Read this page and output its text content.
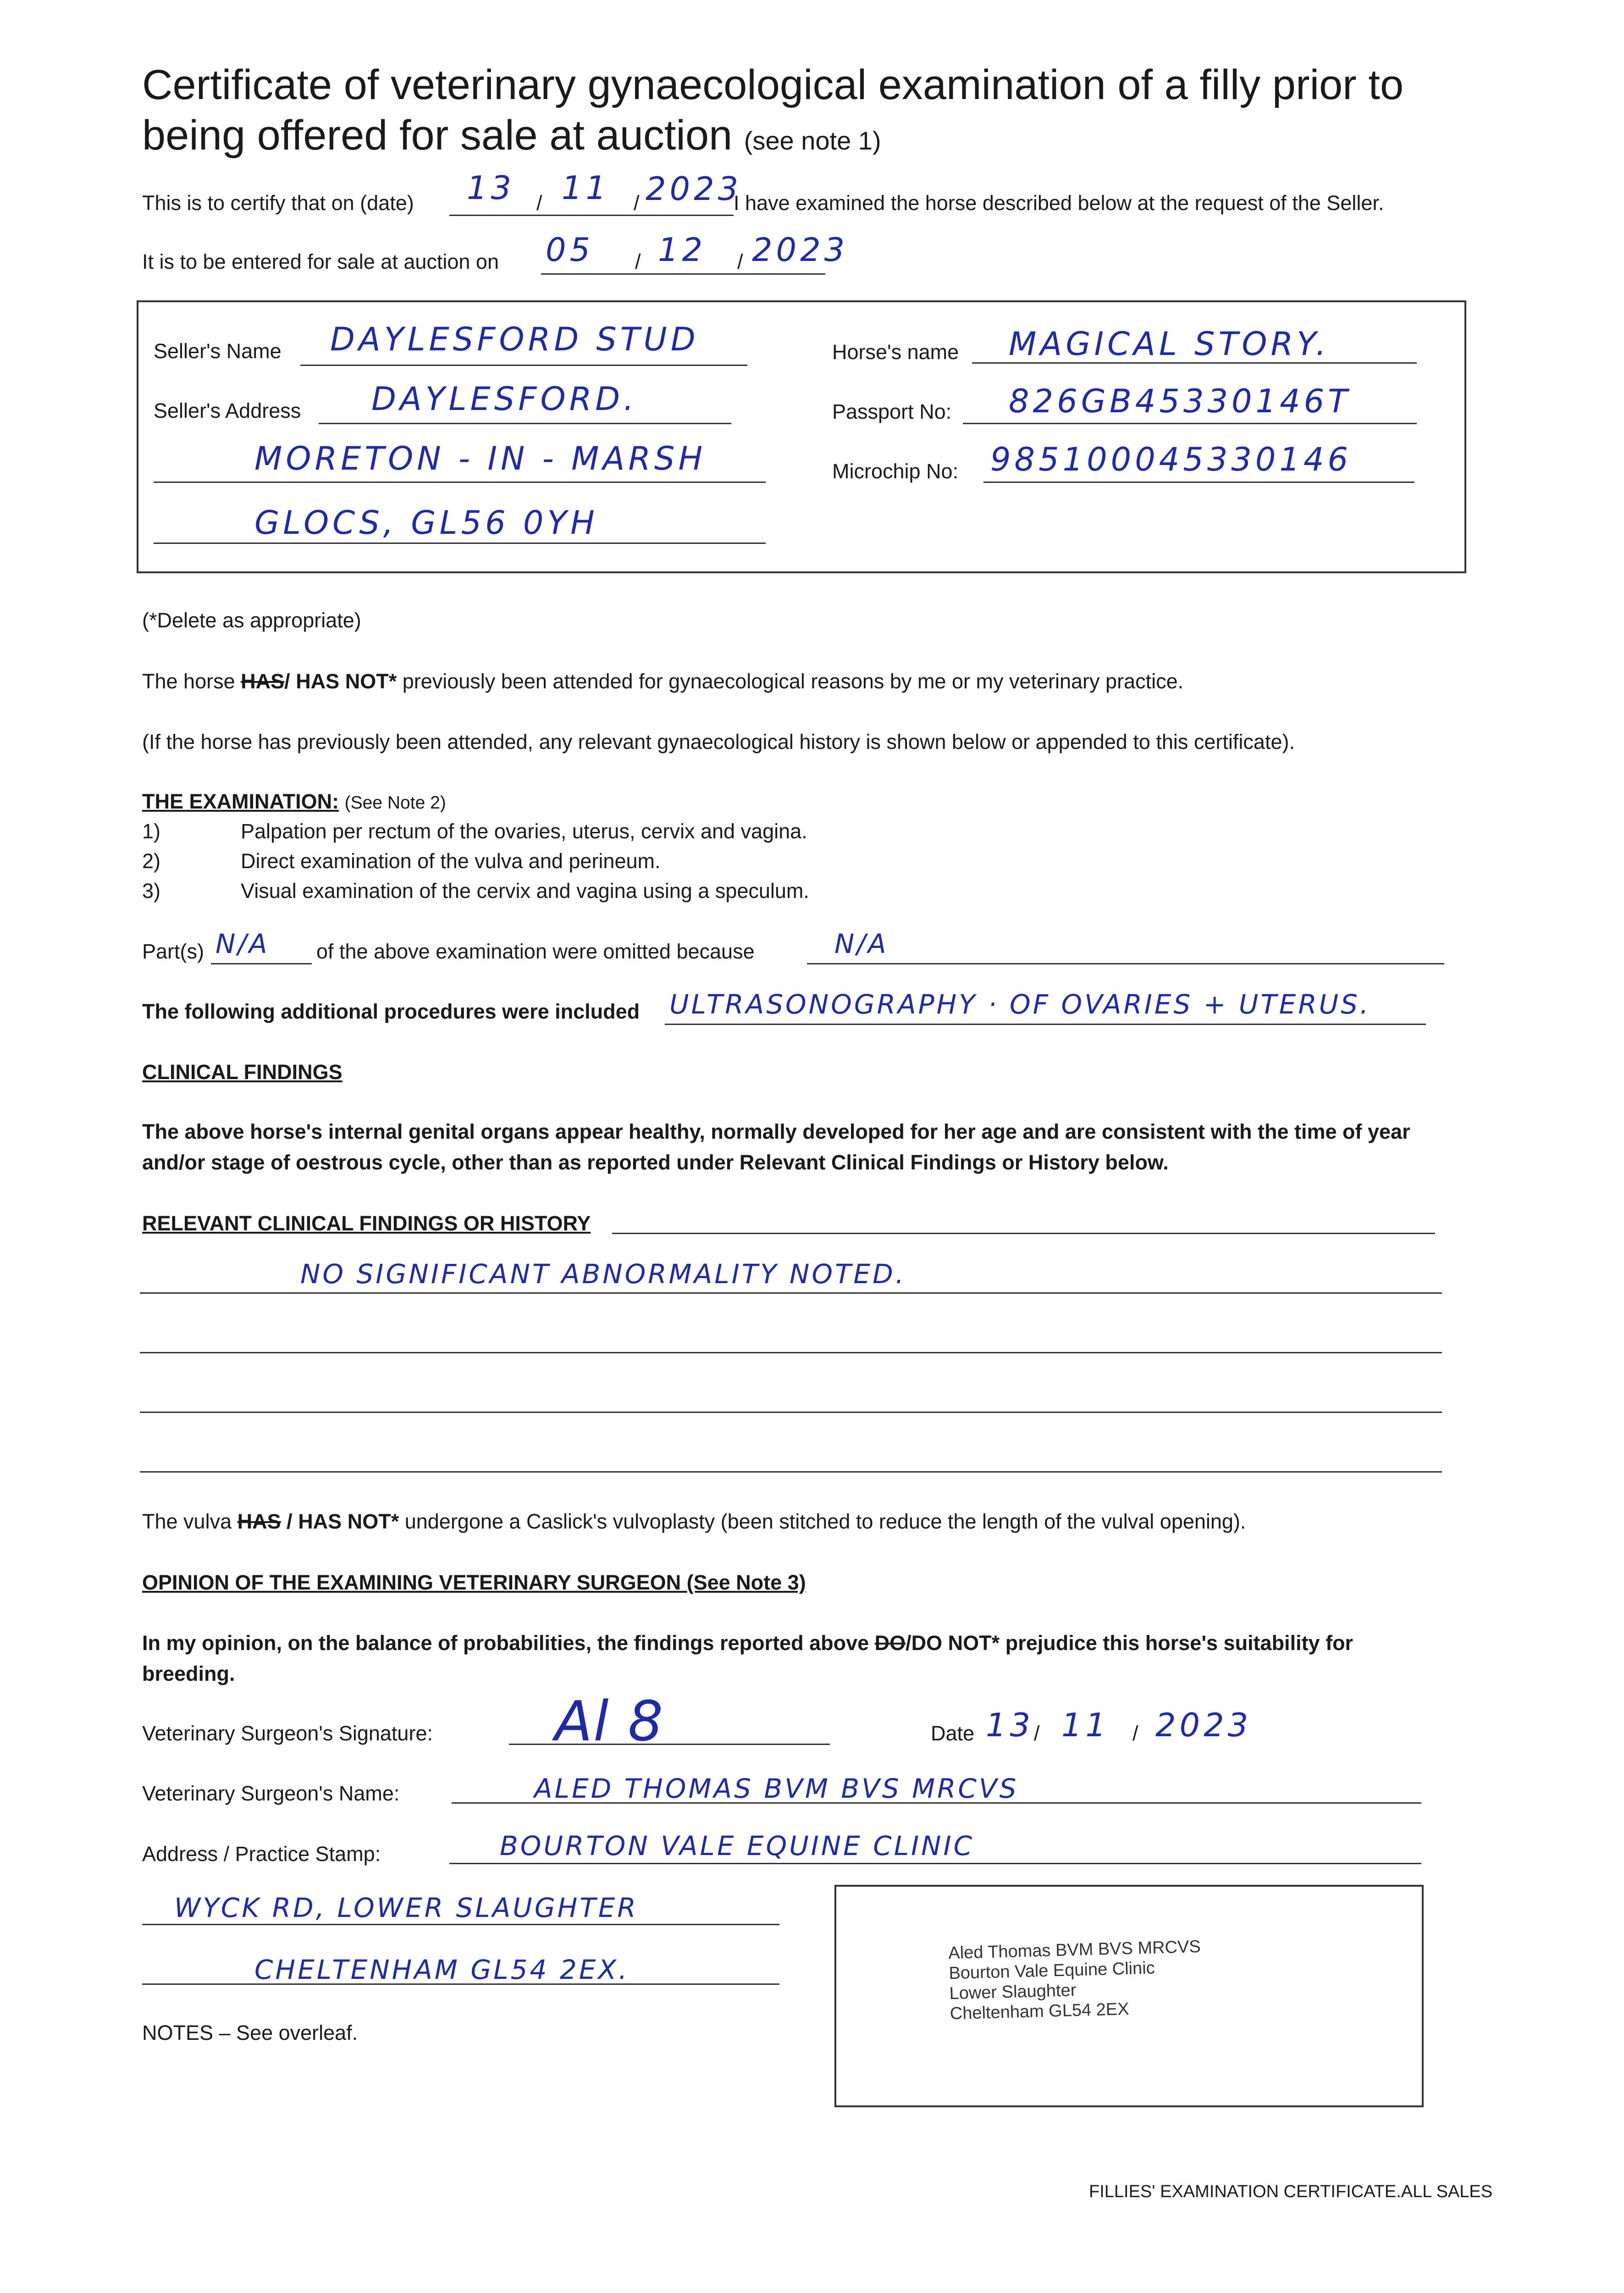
Certificate of veterinary gynaecological examination of a filly prior to
being offered for sale at auction (see note 1)
This is to certify that on (date) 13 / 11 / 2023
I have examined the horse described below at the request of the Seller.
It is to be entered for sale at auction on 05 / 12 / 2023
Seller's Name DAYLESFORD STUD
Seller's Address DAYLESFORD.
MORETON - IN - MARSH
GLOCS, GL56 0YH
Horse's name MAGICAL STORY.
Passport No: 826GB45330146T
Microchip No: 985100045330146
(*Delete as appropriate)
The horse HAS/ HAS NOT* previously been attended for gynaecological reasons by me or my veterinary practice.
(If the horse has previously been attended, any relevant gynaecological history is shown below or appended to this certificate).
THE EXAMINATION: (See Note 2)
1)	Palpation per rectum of the ovaries, uterus, cervix and vagina.
2)	Direct examination of the vulva and perineum.
3)	Visual examination of the cervix and vagina using a speculum.
Part(s) N/A of the above examination were omitted because	N/A
The following additional procedures were included ULTRASONOGRAPHY · OF OVARIES + UTERUS.
CLINICAL FINDINGS
The above horse's internal genital organs appear healthy, normally developed for her age and are consistent with the time of year
and/or stage of oestrous cycle, other than as reported under Relevant Clinical Findings or History below.
RELEVANT CLINICAL FINDINGS OR HISTORY
NO SIGNIFICANT ABNORMALITY NOTED.
The vulva HAS / HAS NOT* undergone a Caslick's vulvoplasty (been stitched to reduce the length of the vulval opening).
OPINION OF THE EXAMINING VETERINARY SURGEON (See Note 3)
In my opinion, on the balance of probabilities, the findings reported above DO/DO NOT* prejudice this horse's suitability for
breeding.
Veterinary Surgeon's Signature: Al 8	Date 13 / 11 / 2023
Veterinary Surgeon's Name:	ALED THOMAS BVM BVS MRCVS
Address / Practice Stamp:	BOURTON VALE EQUINE CLINIC
WYCK RD, LOWER SLAUGHTER
CHELTENHAM GL54 2EX.
Aled Thomas BVM BVS MRCVS
Bourton Vale Equine Clinic
Lower Slaughter
Cheltenham GL54 2EX
NOTES – See overleaf.
FILLIES' EXAMINATION CERTIFICATE.ALL SALES
